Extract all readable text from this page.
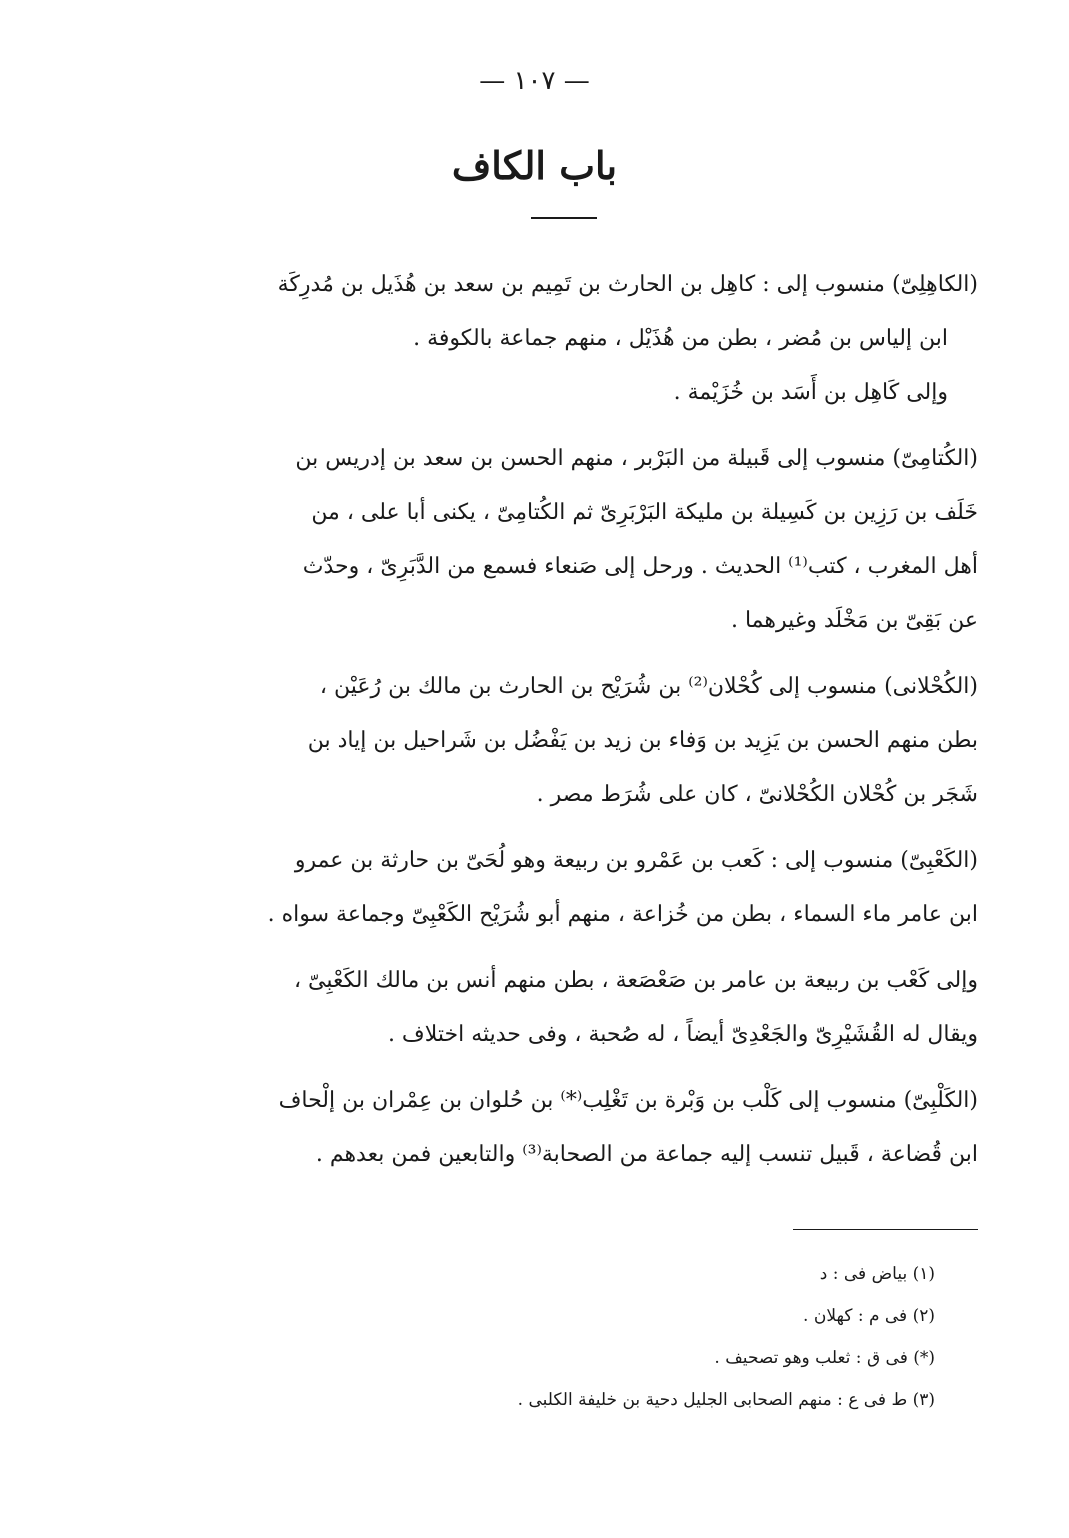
— ١٠٧ —
باب الكاف
(الكاهِلِىّ) منسوب إلى : كاهِل بن الحارث بن تَمِيم بن سعد بن هُذَيل بن مُدرِكَة
ابن إلياس بن مُضر ، بطن من هُذَيْل ، منهم جماعة بالكوفة .
وإلى كَاهِل بن أَسَد بن خُزَيْمة .
(الكُتامِىّ) منسوب إلى قَبيلة من البَرْبر ، منهم الحسن بن سعد بن إدريس بن
خَلَف بن رَزِين بن كَسِيلة بن مليكة البَرْبَرِىّ ثم الكُتامِىّ ، يكنى أبا على ، من
أهل المغرب ، كتب⁽¹⁾ الحديث . ورحل إلى صَنعاء فسمع من الدَّبَرِىّ ، وحدّث
عن بَقِىّ بن مَخْلَد وغيرهما .
(الكُحْلانى) منسوب إلى كُحْلان⁽²⁾ بن شُرَيْح بن الحارث بن مالك بن رُعَيْن ،
بطن منهم الحسن بن يَزِيد بن وَفاء بن زيد بن يَفْضُل بن شَراحيل بن إياد بن
شَجَر بن كُحْلان الكُحْلانىّ ، كان على شُرَط مصر .
(الكَعْبِىّ) منسوب إلى : كَعب بن عَمْرو بن ربيعة وهو لُحَىّ بن حارثة بن عمرو
ابن عامر ماء السماء ، بطن من خُزاعة ، منهم أبو شُرَيْح الكَعْبِىّ وجماعة سواه .
وإلى كَعْب بن ربيعة بن عامر بن صَعْصَعة ، بطن منهم أنس بن مالك الكَعْبِىّ ،
ويقال له القُشَيْرِىّ والجَعْدِىّ أيضاً ، له صُحبة ، وفى حديثه اختلاف .
(الكَلْبِىّ) منسوب إلى كَلْب بن وَبْرة بن تَغْلِب⁽*⁾ بن حُلوان بن عِمْران بن إلْحاف
ابن قُضاعة ، قَبيل تنسب إليه جماعة من الصحابة⁽³⁾ والتابعين فمن بعدهم .
(١) بياض فى : د
(٢) فى م : كهلان .
(*) فى ق : ثعلب وهو تصحيف .
(٣) ط فى ع : منهم الصحابى الجليل دحية بن خليفة الكلبى .
